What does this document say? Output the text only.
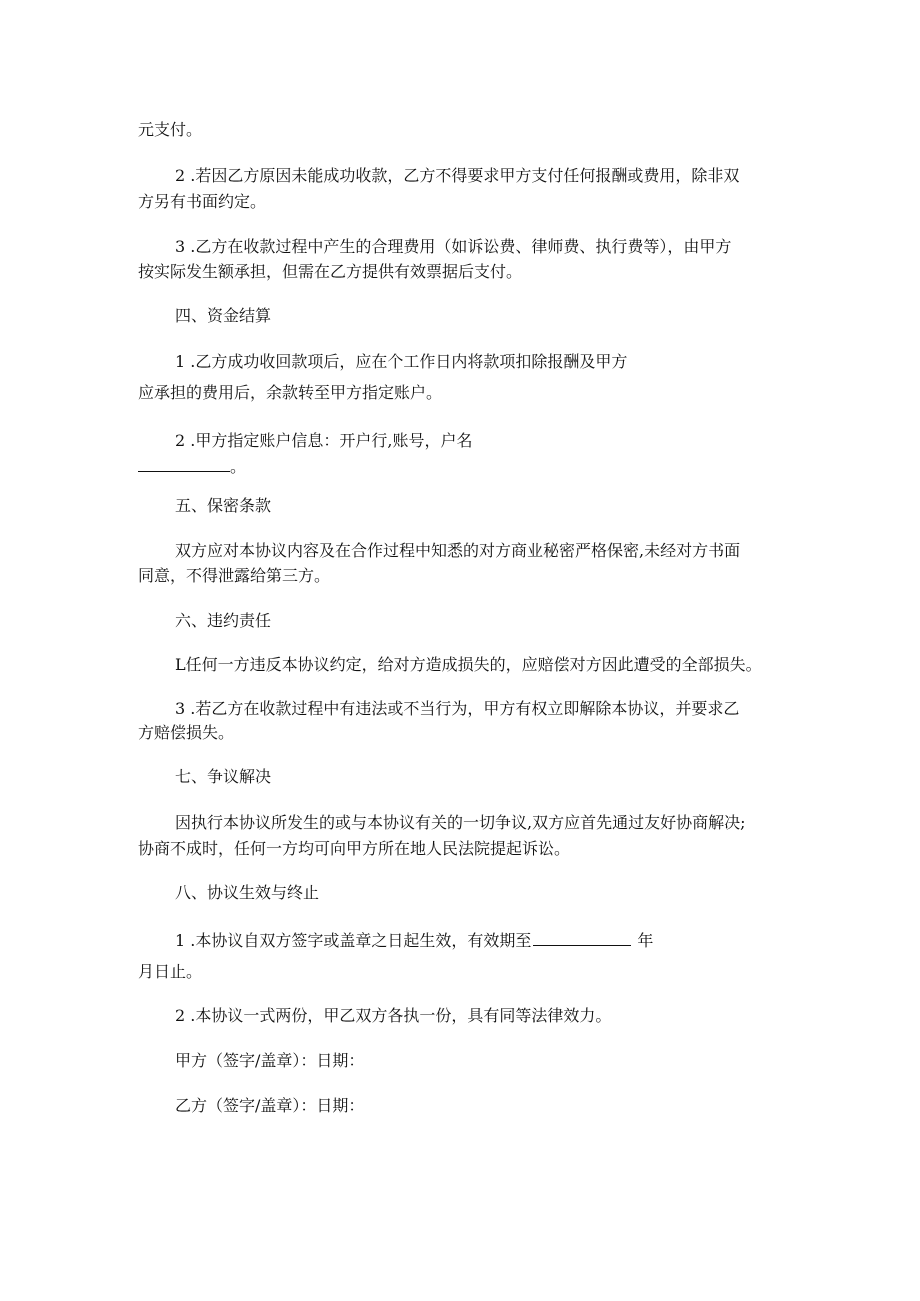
元支付。
2 .若因乙方原因未能成功收款，乙方不得要求甲方支付任何报酬或费用，除非双
方另有书面约定。
3 .乙方在收款过程中产生的合理费用（如诉讼费、律师费、执行费等），由甲方
按实际发生额承担，但需在乙方提供有效票据后支付。
四、资金结算
1 .乙方成功收回款项后，应在个工作日内将款项扣除报酬及甲方
应承担的费用后，余款转至甲方指定账户。
2 .甲方指定账户信息：开户行,账号，户名
。
五、保密条款
双方应对本协议内容及在合作过程中知悉的对方商业秘密严格保密,未经对方书面
同意，不得泄露给第三方。
六、违约责任
L任何一方违反本协议约定，给对方造成损失的，应赔偿对方因此遭受的全部损失。
3 .若乙方在收款过程中有违法或不当行为，甲方有权立即解除本协议，并要求乙
方赔偿损失。
七、争议解决
因执行本协议所发生的或与本协议有关的一切争议,双方应首先通过友好协商解决;
协商不成时，任何一方均可向甲方所在地人民法院提起诉讼。
八、协议生效与终止
1 .本协议自双方签字或盖章之日起生效，有效期至	年
月日止。
2 .本协议一式两份，甲乙双方各执一份，具有同等法律效力。
甲方（签字/盖章）：日期：
乙方（签字/盖章）：日期：
